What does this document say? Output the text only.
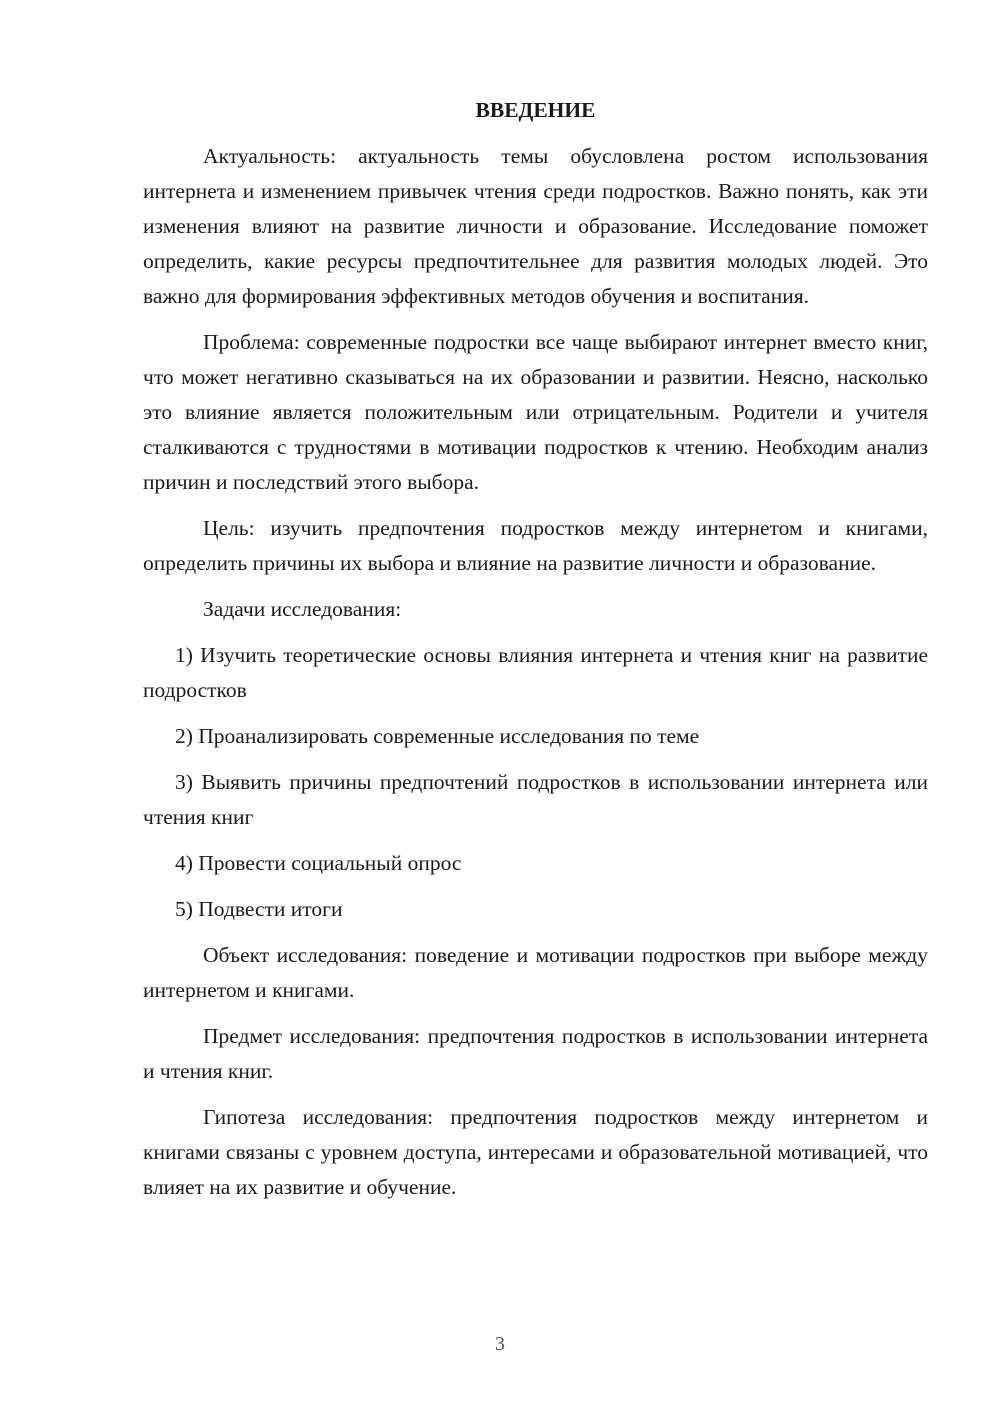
ВВЕДЕНИЕ

Актуальность: актуальность темы обусловлена ростом использования интернета и изменением привычек чтения среди подростков. Важно понять, как эти изменения влияют на развитие личности и образование. Исследование поможет определить, какие ресурсы предпочтительнее для развития молодых людей. Это важно для формирования эффективных методов обучения и воспитания.

Проблема: современные подростки все чаще выбирают интернет вместо книг, что может негативно сказываться на их образовании и развитии. Неясно, насколько это влияние является положительным или отрицательным. Родители и учителя сталкиваются с трудностями в мотивации подростков к чтению. Необходим анализ причин и последствий этого выбора.

Цель: изучить предпочтения подростков между интернетом и книгами, определить причины их выбора и влияние на развитие личности и образование.

Задачи исследования:

1) Изучить теоретические основы влияния интернета и чтения книг на развитие подростков

2) Проанализировать современные исследования по теме

3) Выявить причины предпочтений подростков в использовании интернета или чтения книг

4) Провести социальный опрос

5) Подвести итоги

Объект исследования: поведение и мотивации подростков при выборе между интернетом и книгами.

Предмет исследования: предпочтения подростков в использовании интернета и чтения книг.

Гипотеза исследования: предпочтения подростков между интернетом и книгами связаны с уровнем доступа, интересами и образовательной мотивацией, что влияет на их развитие и обучение.

3
